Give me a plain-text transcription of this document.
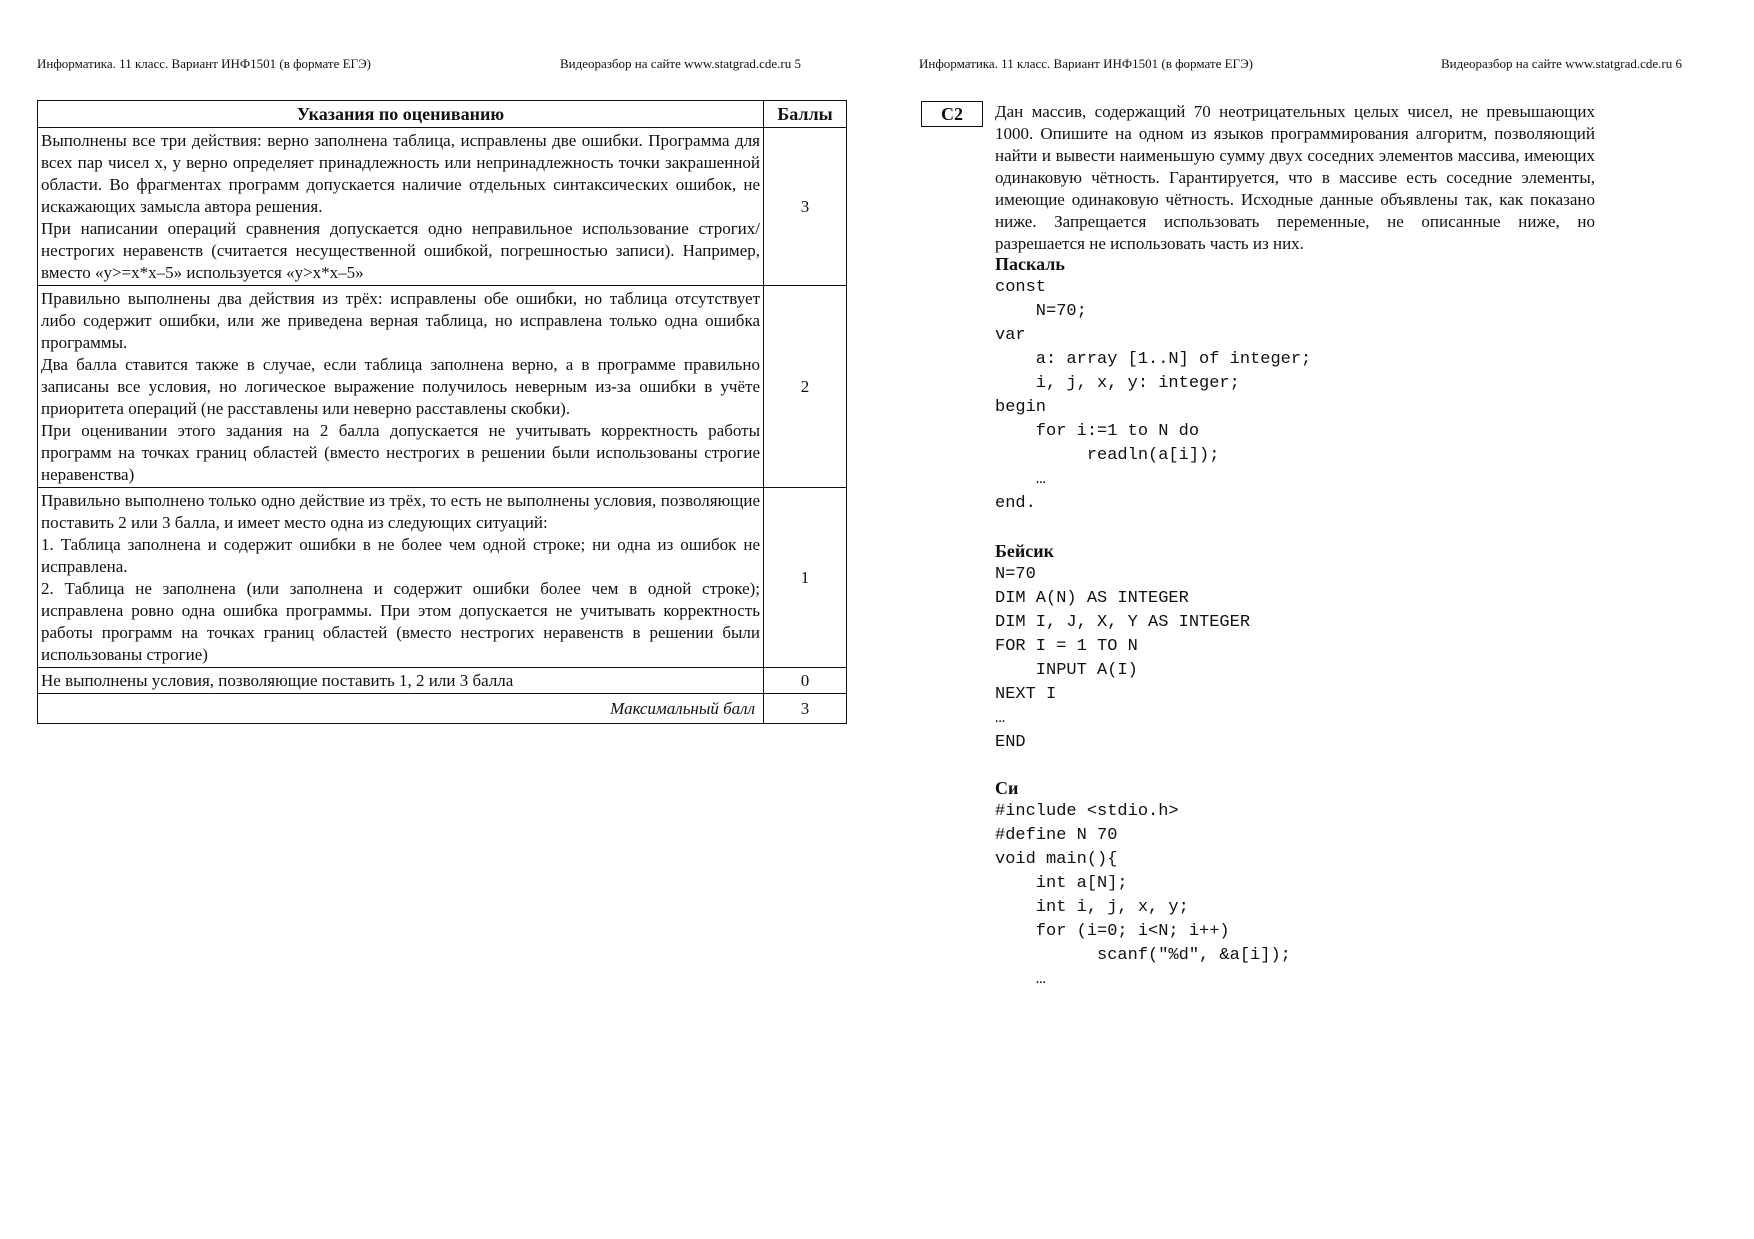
Информатика. 11 класс. Вариант ИНФ1501 (в формате ЕГЭ)	Видеоразбор на сайте www.statgrad.cde.ru 5
Указания по оцениванию	Баллы

Выполнены все три действия: верно заполнена таблица, исправлены две ошибки. Программа для всех пар чисел x, y верно определяет принадлежность или непринадлежность точки закрашенной области. Во фрагментах программ допускается наличие отдельных синтаксических ошибок, не искажающих замысла автора решения.
При написании операций сравнения допускается одно неправильное использование строгих/нестрогих неравенств (считается несущественной ошибкой, погрешностью записи). Например, вместо «y>=x*x–5» используется «y>x*x–5»	3

Правильно выполнены два действия из трёх: исправлены обе ошибки, но таблица отсутствует либо содержит ошибки, или же приведена верная таблица, но исправлена только одна ошибка программы.
Два балла ставится также в случае, если таблица заполнена верно, а в программе правильно записаны все условия, но логическое выражение получилось неверным из-за ошибки в учёте приоритета операций (не расставлены или неверно расставлены скобки).
При оценивании этого задания на 2 балла допускается не учитывать корректность работы программ на точках границ областей (вместо нестрогих в решении были использованы строгие неравенства)	2

Правильно выполнено только одно действие из трёх, то есть не выполнены условия, позволяющие поставить 2 или 3 балла, и имеет место одна из следующих ситуаций:
1. Таблица заполнена и содержит ошибки в не более чем одной строке; ни одна из ошибок не исправлена.
2. Таблица не заполнена (или заполнена и содержит ошибки более чем в одной строке); исправлена ровно одна ошибка программы. При этом допускается не учитывать корректность работы программ на точках границ областей (вместо нестрогих неравенств в решении были использованы строгие)	1

Не выполнены условия, позволяющие поставить 1, 2 или 3 балла	0
Максимальный балл	3
Информатика. 11 класс. Вариант ИНФ1501 (в формате ЕГЭ)	Видеоразбор на сайте www.statgrad.cde.ru 6
C2	Дан массив, содержащий 70 неотрицательных целых чисел, не превышающих 1000. Опишите на одном из языков программирования алгоритм, позволяющий найти и вывести наименьшую сумму двух соседних элементов массива, имеющих одинаковую чётность. Гарантируется, что в массиве есть соседние элементы, имеющие одинаковую чётность. Исходные данные объявлены так, как показано ниже. Запрещается использовать переменные, не описанные ниже, но разрешается не использовать часть из них.
Паскаль
const
N=70;
var
a: array [1..N] of integer;
i, j, x, y: integer;
begin
for i:=1 to N do
readln(a[i]);
…
end.
Бейсик
N=70
DIM A(N) AS INTEGER
DIM I, J, X, Y AS INTEGER
FOR I = 1 TO N
INPUT A(I)
NEXT I
…
END
Си
#include <stdio.h>
#define N 70
void main(){
int a[N];
int i, j, x, y;
for (i=0; i<N; i++)
scanf("%d", &a[i]);
…
